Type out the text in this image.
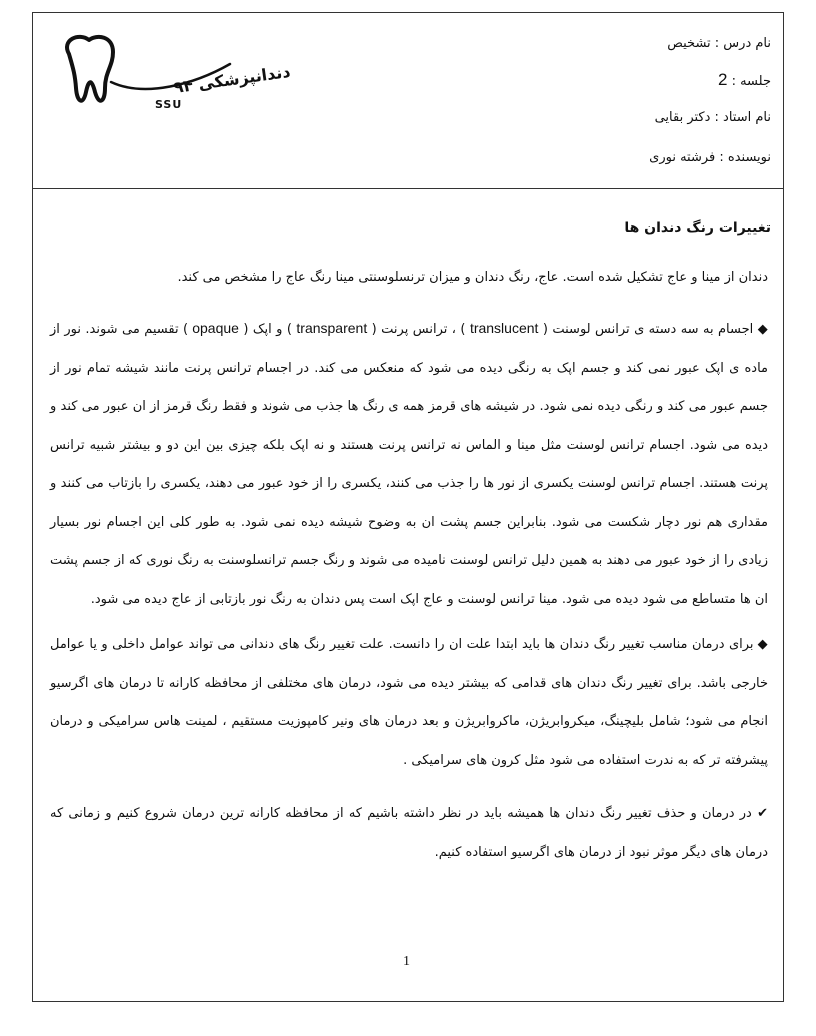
دندانپزشکی ۹۴
SSU
نام درس : تشخیص
جلسه : 2
نام استاد : دکتر بقایی
نویسنده : فرشته نوری
تغییرات رنگ دندان ها
دندان از مینا و عاج تشکیل شده است. عاج، رنگ دندان و میزان ترنسلوسنتی مینا رنگ عاج را مشخص می کند.
◆ اجسام به سه دسته ی ترانس لوسنت ( translucent ) ، ترانس پرنت ( transparent ) و اپک ( opaque ) تقسیم می شوند. نور از ماده ی اپک عبور نمی کند و جسم اپک به رنگی دیده می شود که منعکس می کند. در اجسام ترانس پرنت مانند شیشه تمام نور از جسم عبور می کند و رنگی دیده نمی شود. در شیشه های قرمز همه ی رنگ ها جذب می شوند و فقط رنگ قرمز از ان عبور می کند و دیده می شود. اجسام ترانس لوسنت مثل مینا و الماس نه ترانس پرنت هستند و نه اپک بلکه چیزی بین این دو و بیشتر شبیه ترانس پرنت هستند. اجسام ترانس لوسنت یکسری از نور ها را جذب می کنند، یکسری را از خود عبور می دهند، یکسری را بازتاب می کنند و مقداری هم نور دچار شکست می شود. بنابراین جسم پشت ان به وضوح شیشه دیده نمی شود. به طور کلی این اجسام نور بسیار زیادی را از خود عبور می دهند به همین دلیل ترانس لوسنت نامیده می شوند و رنگ جسم ترانسلوسنت به رنگ نوری که از جسم پشت ان ها متساطع می شود دیده می شود. مینا ترانس لوسنت و عاج اپک است پس دندان به رنگ نور بازتابی از عاج دیده می شود.
◆ برای درمان مناسب تغییر رنگ دندان ها باید ابتدا علت ان را دانست. علت تغییر رنگ های دندانی می تواند عوامل داخلی و یا عوامل خارجی باشد. برای تغییر رنگ دندان های قدامی که بیشتر دیده می شود، درمان های مختلفی از محافظه کارانه تا درمان های اگرسیو انجام می شود؛ شامل بلیچینگ، میکروابریژن، ماکروابریژن و بعد درمان های ونیر کامپوزیت مستقیم ، لمینت هاس سرامیکی و درمان پیشرفته تر که به ندرت استفاده می شود مثل کرون های سرامیکی .
✔ در درمان و حذف تغییر رنگ دندان ها همیشه باید در نظر داشته باشیم که از محافظه کارانه ترین درمان شروع کنیم و زمانی که درمان های دیگر موثر نبود از درمان های اگرسیو استفاده کنیم.
1
